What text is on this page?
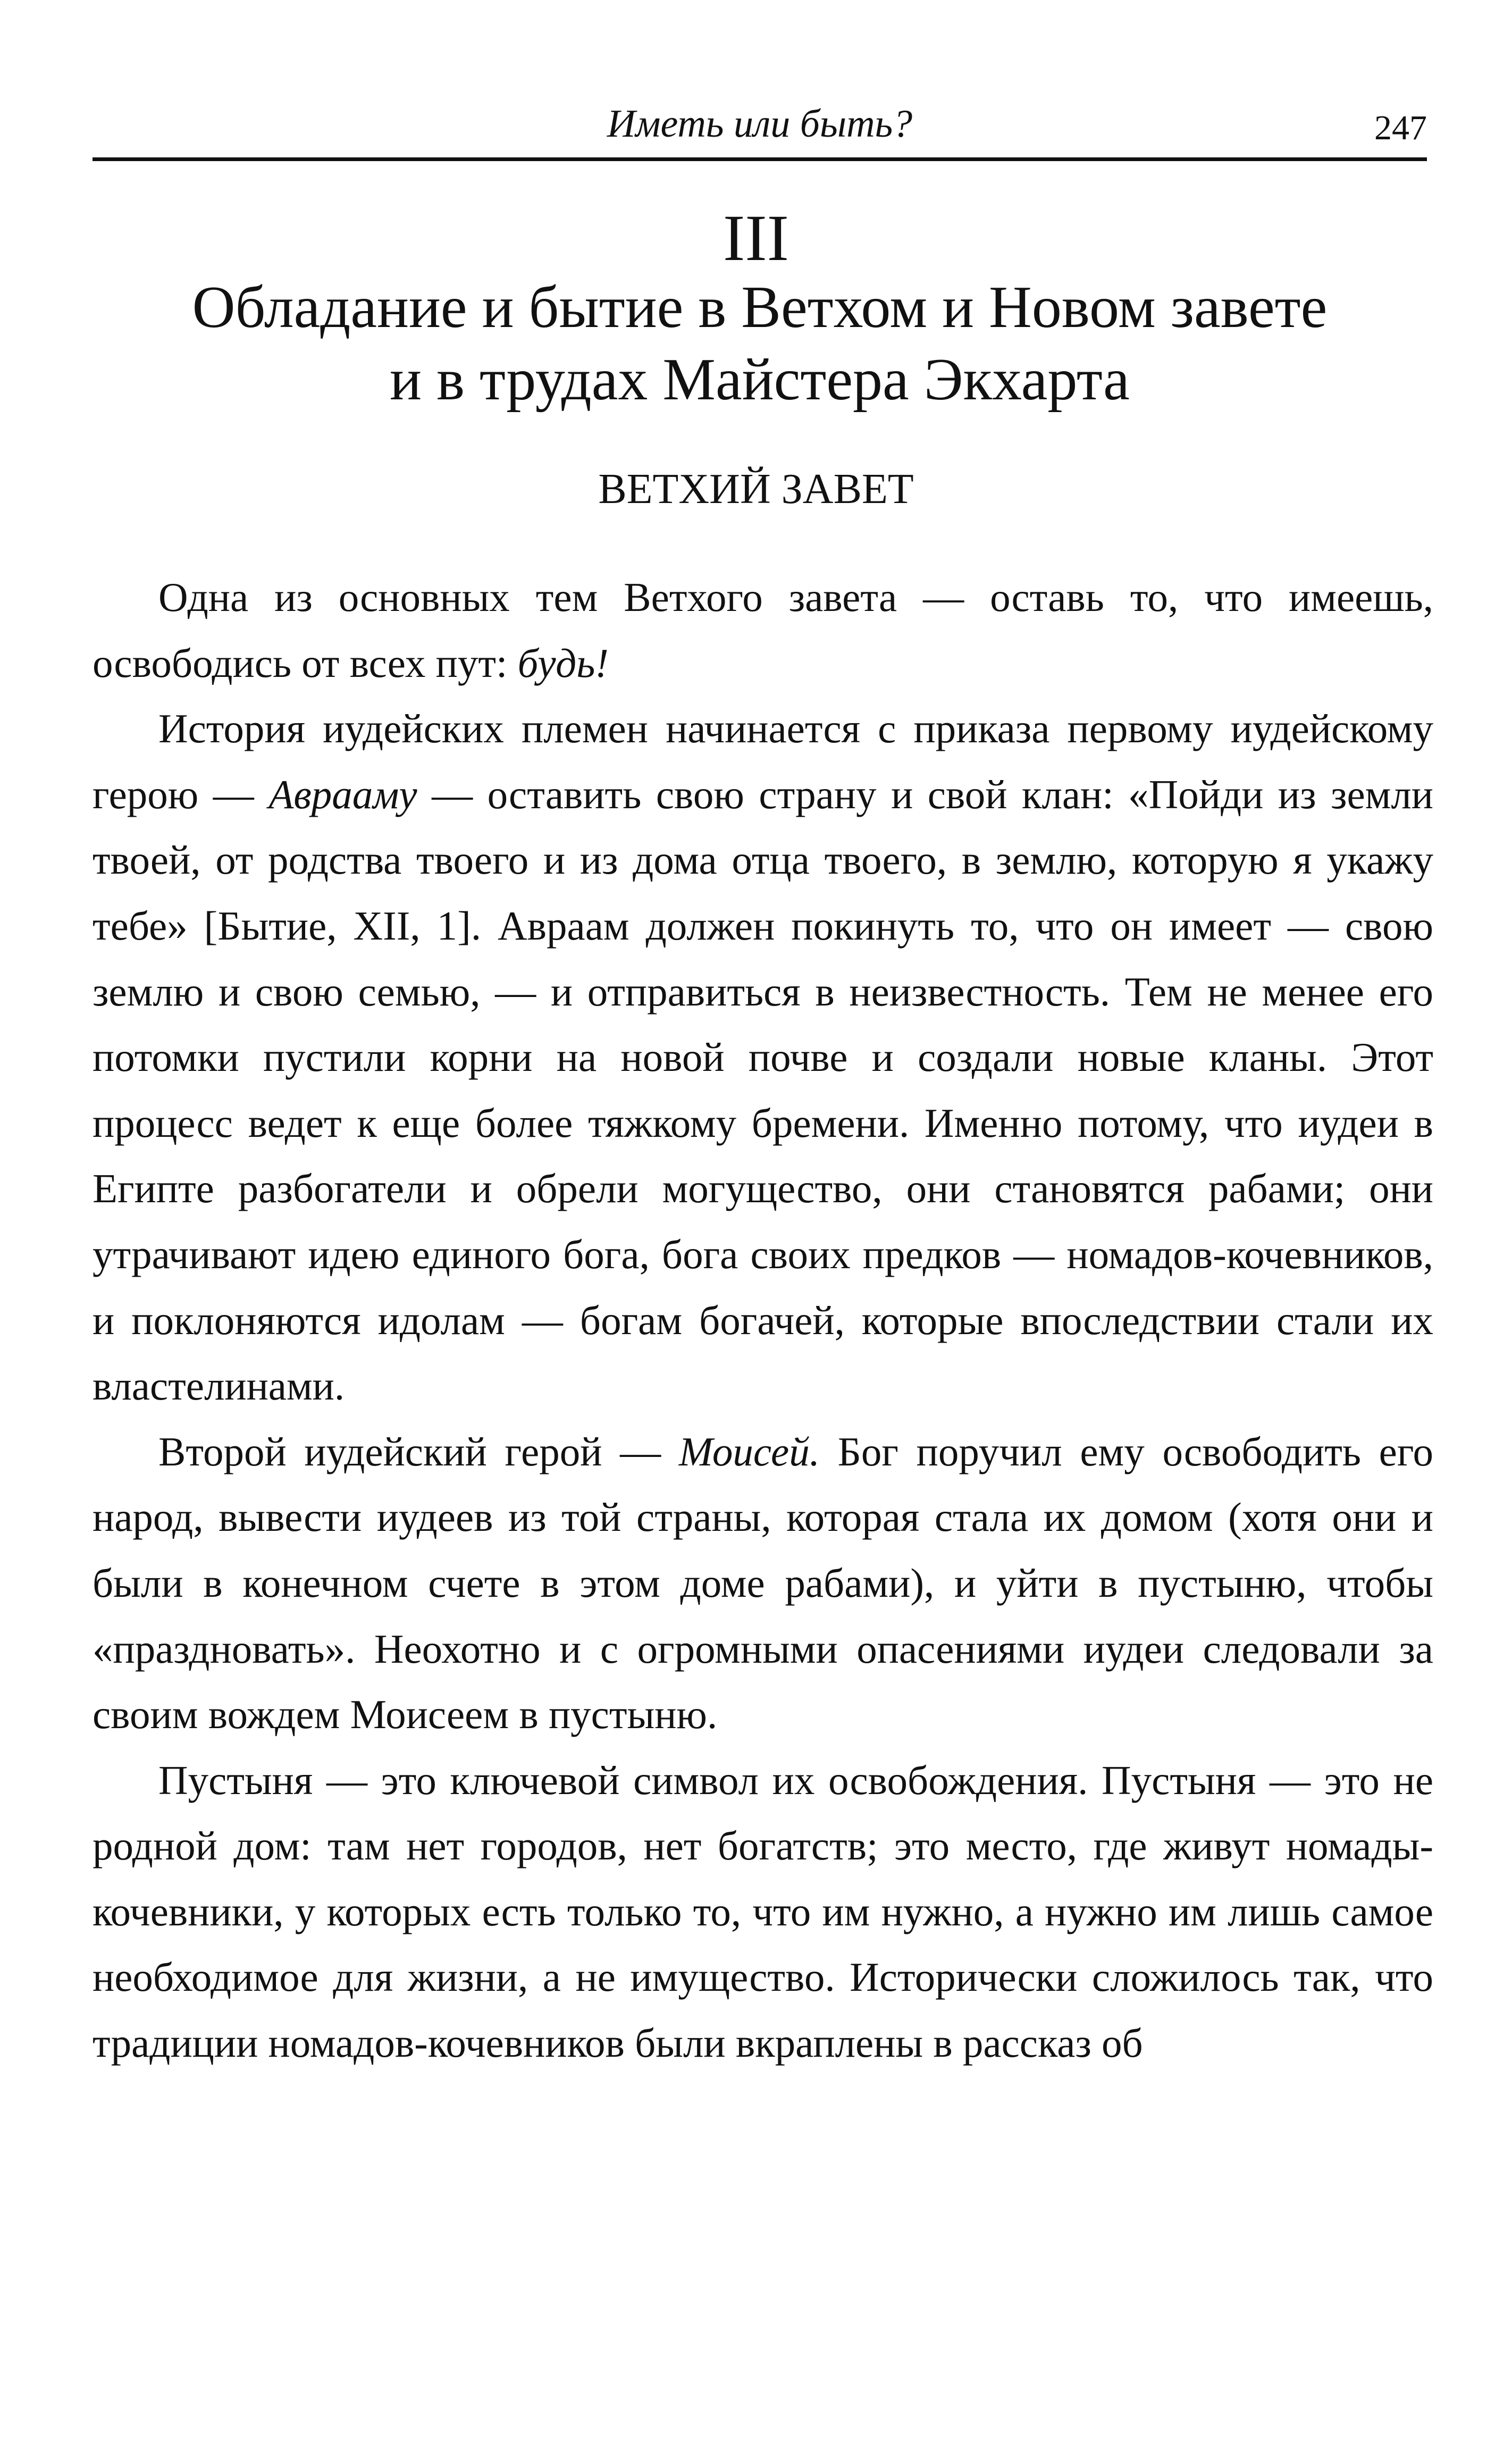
Иметь или быть?	247
III
Обладание и бытие в Ветхом и Новом завете
и в трудах Майстера Экхарта
ВЕТХИЙ ЗАВЕТ

Одна из основных тем Ветхого завета — оставь то, что имеешь, освободись от всех пут: будь!

История иудейских племен начинается с приказа первому иудейскому герою — Аврааму — оставить свою страну и свой клан: «Пойди из земли твоей, от родства твоего и из дома отца твоего, в землю, которую я укажу тебе» [Бытие, XII, 1]. Авраам должен покинуть то, что он имеет — свою землю и свою семью, — и отправиться в неизвестность. Тем не менее его потомки пустили корни на новой почве и создали новые кланы. Этот процесс ведет к еще более тяжкому бремени. Именно потому, что иудеи в Египте разбогатели и обрели могущество, они становятся рабами; они утрачивают идею единого бога, бога своих предков — номадов-кочевников, и поклоняются идолам — богам богачей, которые впоследствии стали их властелинами.

Второй иудейский герой — Моисей. Бог поручил ему освободить его народ, вывести иудеев из той страны, которая стала их домом (хотя они и были в конечном счете в этом доме рабами), и уйти в пустыню, чтобы «праздновать». Неохотно и с огромными опасениями иудеи следовали за своим вождем Моисеем в пустыню.

Пустыня — это ключевой символ их освобождения. Пустыня — это не родной дом: там нет городов, нет богатств; это место, где живут номады-кочевники, у которых есть только то, что им нужно, а нужно им лишь самое необходимое для жизни, а не имущество. Исторически сложилось так, что традиции номадов-кочевников были вкраплены в рассказ об
